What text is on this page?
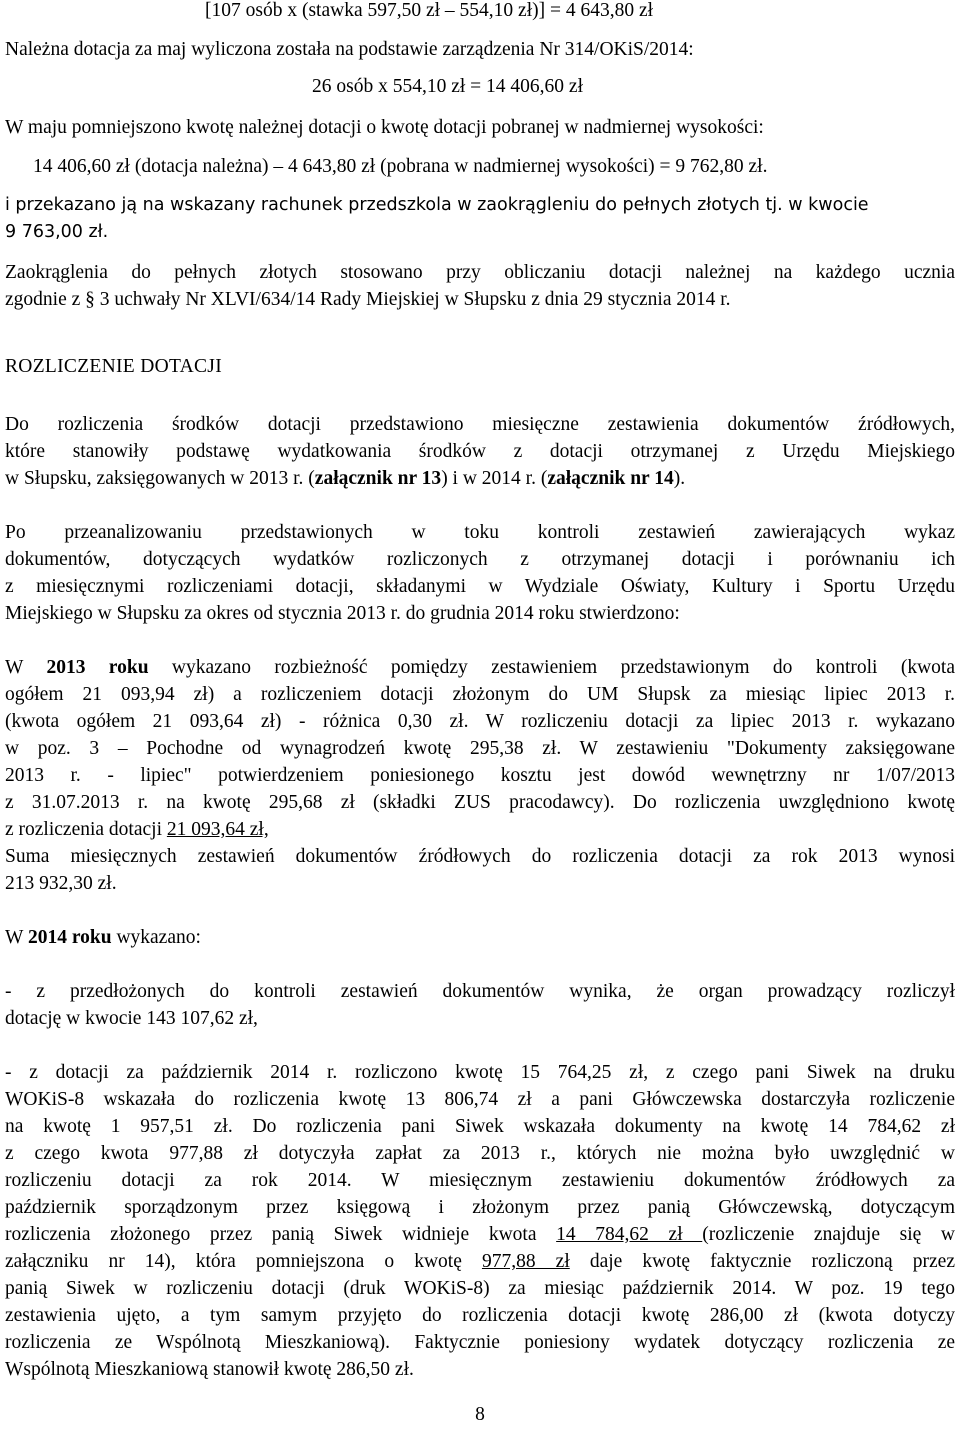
[107 osób x (stawka 597,50 zł – 554,10 zł)] = 4 643,80 zł
Należna dotacja za maj wyliczona została na podstawie zarządzenia Nr 314/OKiS/2014:
26 osób x 554,10 zł = 14 406,60 zł
W maju pomniejszono kwotę należnej dotacji o kwotę dotacji pobranej w nadmiernej wysokości:
14 406,60 zł (dotacja należna) – 4 643,80 zł (pobrana w nadmiernej wysokości) = 9 762,80 zł.
i przekazano ją na wskazany rachunek przedszkola w zaokrągleniu do pełnych złotych tj. w kwocie
9 763,00 zł.
Zaokrąglenia do pełnych złotych stosowano przy obliczaniu dotacji należnej na każdego ucznia
zgodnie z § 3 uchwały Nr XLVI/634/14 Rady Miejskiej w Słupsku z dnia 29 stycznia 2014 r.
ROZLICZENIE DOTACJI
Do rozliczenia środków dotacji przedstawiono miesięczne zestawienia dokumentów źródłowych,
które stanowiły podstawę wydatkowania środków z dotacji otrzymanej z Urzędu Miejskiego
w Słupsku, zaksięgowanych w 2013 r. (załącznik nr 13) i w 2014 r. (załącznik nr 14).
Po przeanalizowaniu przedstawionych w toku kontroli zestawień zawierających wykaz
dokumentów, dotyczących wydatków rozliczonych z otrzymanej dotacji i porównaniu ich
z miesięcznymi rozliczeniami dotacji, składanymi w Wydziale Oświaty, Kultury i Sportu Urzędu
Miejskiego w Słupsku za okres od stycznia 2013 r. do grudnia 2014 roku stwierdzono:
W 2013 roku wykazano rozbieżność pomiędzy zestawieniem przedstawionym do kontroli (kwota
ogółem 21 093,94 zł) a rozliczeniem dotacji złożonym do UM Słupsk za miesiąc lipiec 2013 r.
(kwota ogółem 21 093,64 zł) - różnica 0,30 zł. W rozliczeniu dotacji za lipiec 2013 r. wykazano
w poz. 3 – Pochodne od wynagrodzeń kwotę 295,38 zł. W zestawieniu "Dokumenty zaksięgowane
2013 r. - lipiec" potwierdzeniem poniesionego kosztu jest dowód wewnętrzny nr 1/07/2013
z 31.07.2013 r. na kwotę 295,68 zł (składki ZUS pracodawcy). Do rozliczenia uwzględniono kwotę
z rozliczenia dotacji 21 093,64 zł,
Suma miesięcznych zestawień dokumentów źródłowych do rozliczenia dotacji za rok 2013 wynosi
213 932,30 zł.
W 2014 roku wykazano:
- z przedłożonych do kontroli zestawień dokumentów wynika, że organ prowadzący rozliczył
dotację w kwocie 143 107,62 zł,
- z dotacji za październik 2014 r. rozliczono kwotę 15 764,25 zł, z czego pani Siwek na druku
WOKiS-8 wskazała do rozliczenia kwotę 13 806,74 zł a pani Główczewska dostarczyła rozliczenie
na kwotę 1 957,51 zł. Do rozliczenia pani Siwek wskazała dokumenty na kwotę 14 784,62 zł
z czego kwota 977,88 zł dotyczyła zapłat za 2013 r., których nie można było uwzględnić w
rozliczeniu dotacji za rok 2014. W miesięcznym zestawieniu dokumentów źródłowych za
październik sporządzonym przez księgową i złożonym przez panią Główczewską, dotyczącym
rozliczenia złożonego przez panią Siwek widnieje kwota 14 784,62 zł (rozliczenie znajduje się w
załączniku nr 14), która pomniejszona o kwotę 977,88 zł daje kwotę faktycznie rozliczoną przez
panią Siwek w rozliczeniu dotacji (druk WOKiS-8) za miesiąc październik 2014. W poz. 19 tego
zestawienia ujęto, a tym samym przyjęto do rozliczenia dotacji kwotę 286,00 zł (kwota dotyczy
rozliczenia ze Wspólnotą Mieszkaniową). Faktycznie poniesiony wydatek dotyczący rozliczenia ze
Wspólnotą Mieszkaniową stanowił kwotę 286,50 zł.
8
